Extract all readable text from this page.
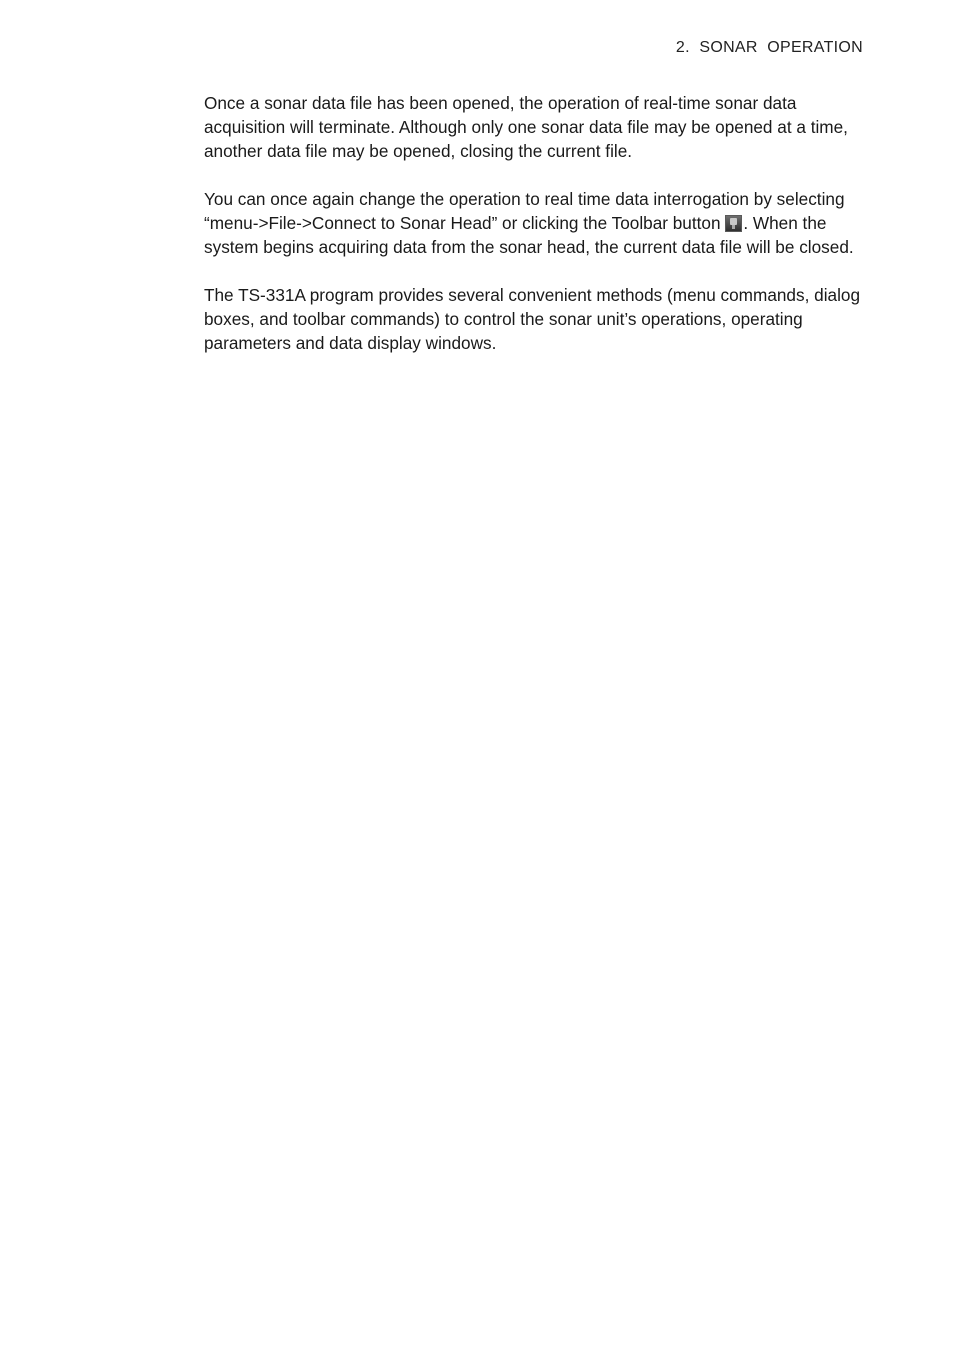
2.  SONAR  OPERATION

Once a sonar data file has been opened, the operation of real-time sonar data acquisition will terminate. Although only one sonar data file may be opened at a time, another data file may be opened, closing the current file.

You can once again change the operation to real time data interrogation by selecting “menu->File->Connect to Sonar Head” or clicking the Toolbar button . When the system begins acquiring data from the sonar head, the current data file will be closed.

The TS-331A program provides several convenient methods (menu commands, dialog boxes, and toolbar commands) to control the sonar unit’s operations, operating parameters and data display windows.
